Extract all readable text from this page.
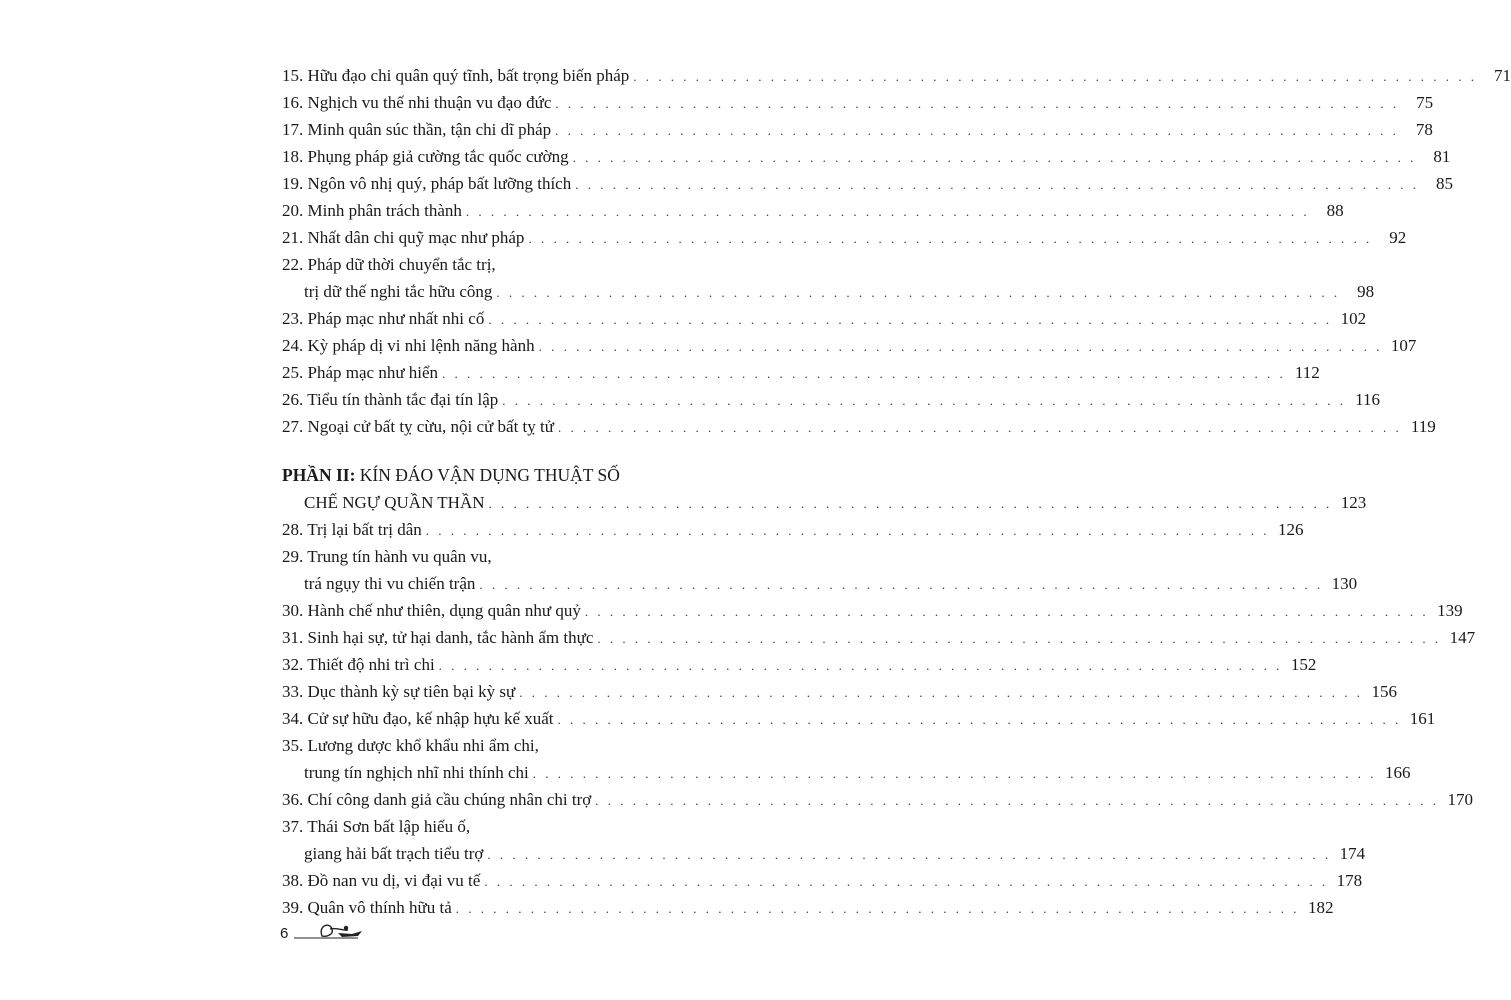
15. Hữu đạo chi quân quý tĩnh, bất trọng biến pháp . . . . . . . . . . . . . . . . . . . . . . . . . . . . . . . . . . . . . . . . . . . . . . . . . . . . . . . . . . . . . . . . . . . .	71
16. Nghịch vu thế nhi thuận vu đạo đức . . . . . . . . . . . . . . . . . . . . . . . . . . . . . . . . . . . . . . . . . . . . . . . . . . . . . . . . . . . . . . . . . . . .	75
17. Minh quân súc thần, tận chi dĩ pháp . . . . . . . . . . . . . . . . . . . . . . . . . . . . . . . . . . . . . . . . . . . . . . . . . . . . . . . . . . . . . . . . . . . .	78
18. Phụng pháp giả cường tắc quốc cường . . . . . . . . . . . . . . . . . . . . . . . . . . . . . . . . . . . . . . . . . . . . . . . . . . . . . . . . . . . . . . . . . . . .	81
19. Ngôn vô nhị quý, pháp bất lưỡng thích . . . . . . . . . . . . . . . . . . . . . . . . . . . . . . . . . . . . . . . . . . . . . . . . . . . . . . . . . . . . . . . . . . . .	85
20. Minh phân trách thành . . . . . . . . . . . . . . . . . . . . . . . . . . . . . . . . . . . . . . . . . . . . . . . . . . . . . . . . . . . . . . . . . . . .	88
21. Nhất dân chi quỹ mạc như pháp . . . . . . . . . . . . . . . . . . . . . . . . . . . . . . . . . . . . . . . . . . . . . . . . . . . . . . . . . . . . . . . . . . . .	92
22. Pháp dữ thời chuyển tắc trị,
trị dữ thế nghi tắc hữu công . . . . . . . . . . . . . . . . . . . . . . . . . . . . . . . . . . . . . . . . . . . . . . . . . . . . . . . . . . . . . . . . . . . .	98
23. Pháp mạc như nhất nhi cố . . . . . . . . . . . . . . . . . . . . . . . . . . . . . . . . . . . . . . . . . . . . . . . . . . . . . . . . . . . . . . . . . . . . 102
24. Kỳ pháp dị vi nhi lệnh năng hành . . . . . . . . . . . . . . . . . . . . . . . . . . . . . . . . . . . . . . . . . . . . . . . . . . . . . . . . . . . . . . . . . . . . 107
25. Pháp mạc như hiển . . . . . . . . . . . . . . . . . . . . . . . . . . . . . . . . . . . . . . . . . . . . . . . . . . . . . . . . . . . . . . . . . . . . 112
26. Tiểu tín thành tắc đại tín lập . . . . . . . . . . . . . . . . . . . . . . . . . . . . . . . . . . . . . . . . . . . . . . . . . . . . . . . . . . . . . . . . . . . . 116
27. Ngoại cử bất tỵ cừu, nội cử bất tỵ tử . . . . . . . . . . . . . . . . . . . . . . . . . . . . . . . . . . . . . . . . . . . . . . . . . . . . . . . . . . . . . . . . . . . . 119
PHẦN II: KÍN ĐÁO VẬN DỤNG THUẬT SỐ
CHẾ NGỰ QUẦN THẦN . . . . . . . . . . . . . . . . . . . . . . . . . . . . . . . . . . . . . . . . . . . . . . . . . . . . . . . . . . . . . . . . . . . . 123
28. Trị lại bất trị dân . . . . . . . . . . . . . . . . . . . . . . . . . . . . . . . . . . . . . . . . . . . . . . . . . . . . . . . . . . . . . . . . . . . . 126
29. Trung tín hành vu quân vu,
trá ngụy thi vu chiến trận . . . . . . . . . . . . . . . . . . . . . . . . . . . . . . . . . . . . . . . . . . . . . . . . . . . . . . . . . . . . . . . . . . . . 130
30. Hành chế như thiên, dụng quân như quỷ . . . . . . . . . . . . . . . . . . . . . . . . . . . . . . . . . . . . . . . . . . . . . . . . . . . . . . . . . . . . . . . . . . . . 139
31. Sinh hại sự, tử hại danh, tắc hành ẩm thực . . . . . . . . . . . . . . . . . . . . . . . . . . . . . . . . . . . . . . . . . . . . . . . . . . . . . . . . . . . . . . . . . . . . 147
32. Thiết độ nhi trì chi . . . . . . . . . . . . . . . . . . . . . . . . . . . . . . . . . . . . . . . . . . . . . . . . . . . . . . . . . . . . . . . . . . . . 152
33. Dục thành kỳ sự tiên bại kỳ sự . . . . . . . . . . . . . . . . . . . . . . . . . . . . . . . . . . . . . . . . . . . . . . . . . . . . . . . . . . . . . . . . . . . . 156
34. Cử sự hữu đạo, kế nhập hựu kế xuất . . . . . . . . . . . . . . . . . . . . . . . . . . . . . . . . . . . . . . . . . . . . . . . . . . . . . . . . . . . . . . . . . . . . 161
35. Lương dược khổ khẩu nhi ẩm chi,
trung tín nghịch nhĩ nhi thính chi . . . . . . . . . . . . . . . . . . . . . . . . . . . . . . . . . . . . . . . . . . . . . . . . . . . . . . . . . . . . . . . . . . . . 166
36. Chí công danh giả cầu chúng nhân chi trợ . . . . . . . . . . . . . . . . . . . . . . . . . . . . . . . . . . . . . . . . . . . . . . . . . . . . . . . . . . . . . . . . . . . . 170
37. Thái Sơn bất lập hiếu ố,
giang hải bất trạch tiểu trợ . . . . . . . . . . . . . . . . . . . . . . . . . . . . . . . . . . . . . . . . . . . . . . . . . . . . . . . . . . . . . . . . . . . . 174
38. Đồ nan vu dị, vi đại vu tế . . . . . . . . . . . . . . . . . . . . . . . . . . . . . . . . . . . . . . . . . . . . . . . . . . . . . . . . . . . . . . . . . . . . 178
39. Quân vô thính hữu tả . . . . . . . . . . . . . . . . . . . . . . . . . . . . . . . . . . . . . . . . . . . . . . . . . . . . . . . . . . . . . . . . . . . . 182
6
